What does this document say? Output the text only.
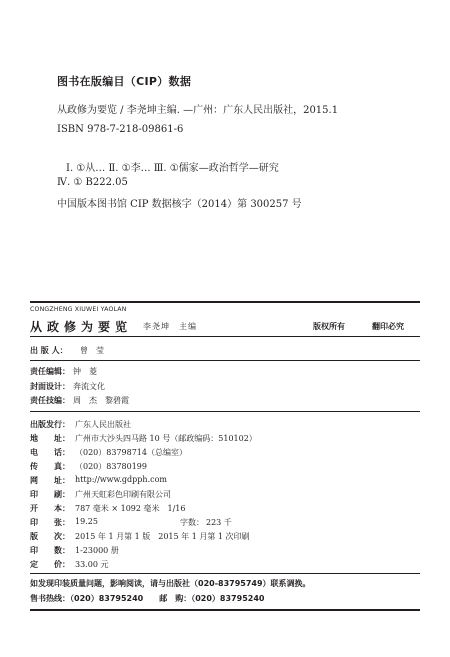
图书在版编目（CIP）数据
从政修为要览 / 李尧坤主编. —广州：广东人民出版社，2015.1
ISBN 978-7-218-09861-6
Ⅰ. ①从… Ⅱ. ①李… Ⅲ. ①儒家—政治哲学—研究
Ⅳ. ① B222.05
中国版本图书馆 CIP 数据核字（2014）第 300257 号
CONGZHENG XIUWEI YAOLAN
从政修为要览 李尧坤　主编	版权所有	翻印必究
出 版 人： 曾　莹
责任编辑： 钟　菱
封面设计： 奔流文化
责任技编： 周　杰　黎碧霞
出版发行： 广东人民出版社
地　　址： 广州市大沙头四马路 10 号（邮政编码：510102）
电　　话： （020）83798714（总编室）
传　　真： （020）83780199
网　　址： http://www.gdpph.com
印　　刷： 广州天虹彩色印刷有限公司
开　　本： 787 毫米 × 1092 毫米　1/16
印　　张： 19.25	字数： 223 千
版　　次： 2015 年 1 月第 1 版　2015 年 1 月第 1 次印刷
印　　数： 1-23000 册
定　　价： 33.00 元
如发现印装质量问题，影响阅读，请与出版社（020-83795749）联系调换。
售书热线：（020）83795240　　邮　购：（020）83795240
